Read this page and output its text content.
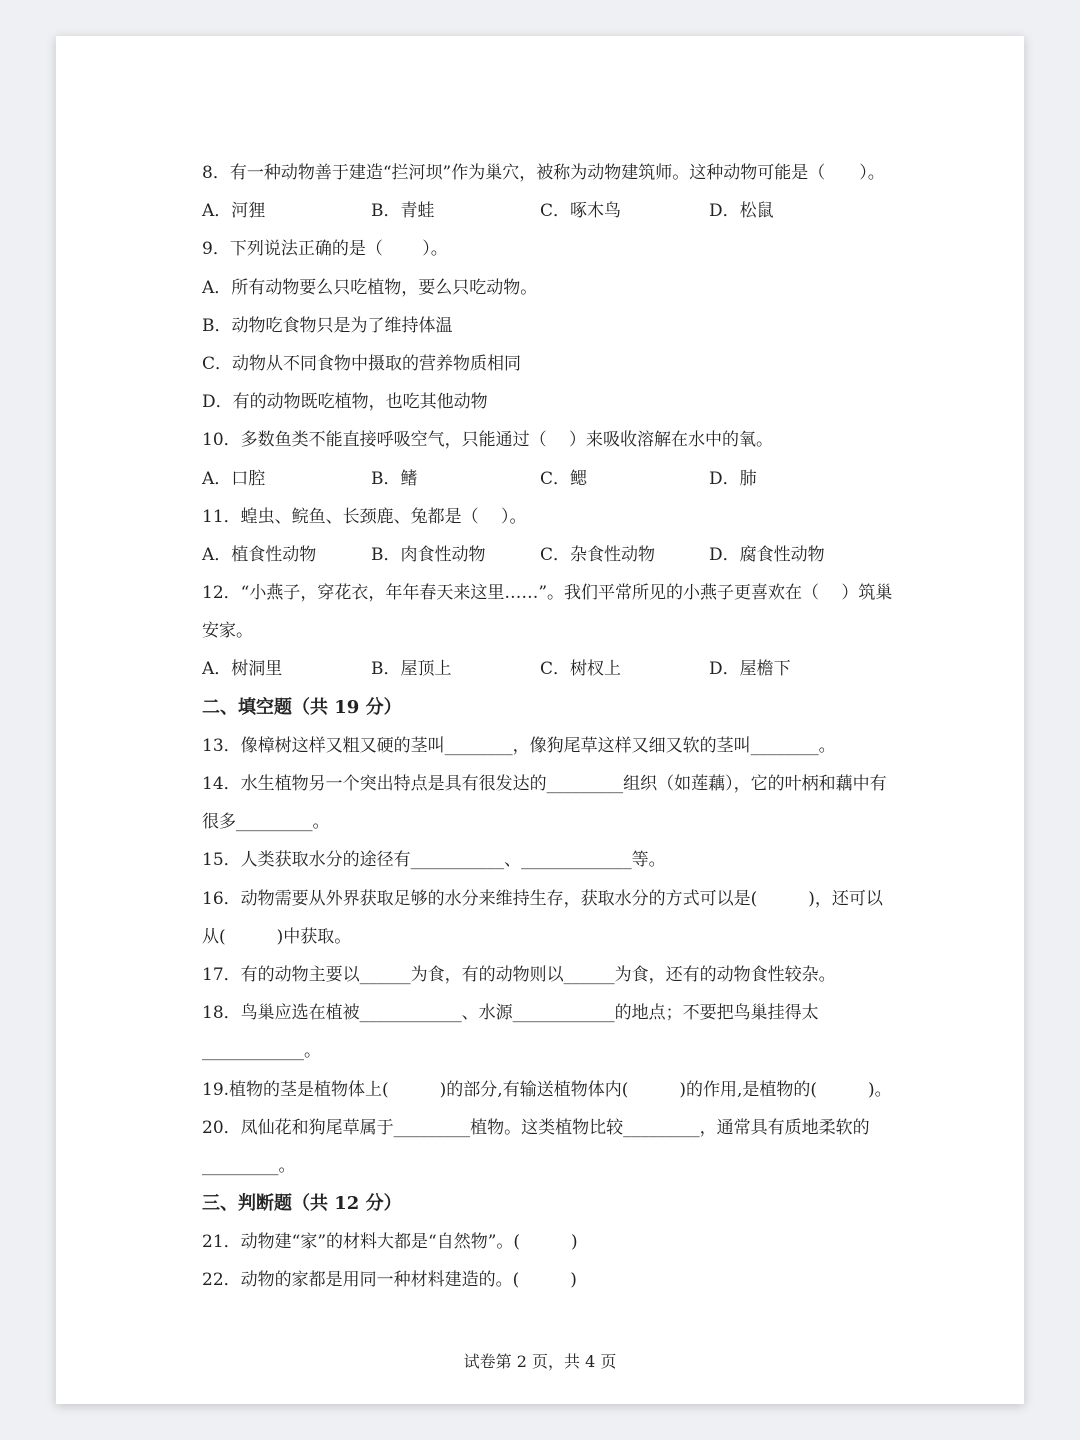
8．有一种动物善于建造“拦河坝”作为巢穴，被称为动物建筑师。这种动物可能是（　　）。
A．河狸	B．青蛙	C．啄木鸟	D．松鼠
9．下列说法正确的是（　　 ）。
A．所有动物要么只吃植物，要么只吃动物。
B．动物吃食物只是为了维持体温
C．动物从不同食物中摄取的营养物质相同
D．有的动物既吃植物，也吃其他动物
10．多数鱼类不能直接呼吸空气，只能通过（　 ）来吸收溶解在水中的氧。
A．口腔	B．鳍	C．鳃	D．肺
11．蝗虫、鲩鱼、长颈鹿、兔都是（　 ）。
A．植食性动物	B．肉食性动物	C．杂食性动物	D．腐食性动物
12．“小燕子，穿花衣，年年春天来这里……”。我们平常所见的小燕子更喜欢在（　 ）筑巢
安家。
A．树洞里	B．屋顶上	C．树杈上	D．屋檐下
二、填空题（共 19 分）
13．像樟树这样又粗又硬的茎叫________，像狗尾草这样又细又软的茎叫________。
14．水生植物另一个突出特点是具有很发达的_________组织（如莲藕），它的叶柄和藕中有
很多_________。
15．人类获取水分的途径有___________、_____________等。
16．动物需要从外界获取足够的水分来维持生存，获取水分的方式可以是(　　　)，还可以
从(　　　)中获取。
17．有的动物主要以______为食，有的动物则以______为食，还有的动物食性较杂。
18．鸟巢应选在植被____________、水源____________的地点；不要把鸟巢挂得太
____________。
19.植物的茎是植物体上(　　　)的部分,有输送植物体内(　　　)的作用,是植物的(　　　)。
20．凤仙花和狗尾草属于_________植物。这类植物比较_________，通常具有质地柔软的
_________。
三、判断题（共 12 分）
21．动物建“家”的材料大都是“自然物”。(　　　)
22．动物的家都是用同一种材料建造的。(　　　)
试卷第 2 页，共 4 页
